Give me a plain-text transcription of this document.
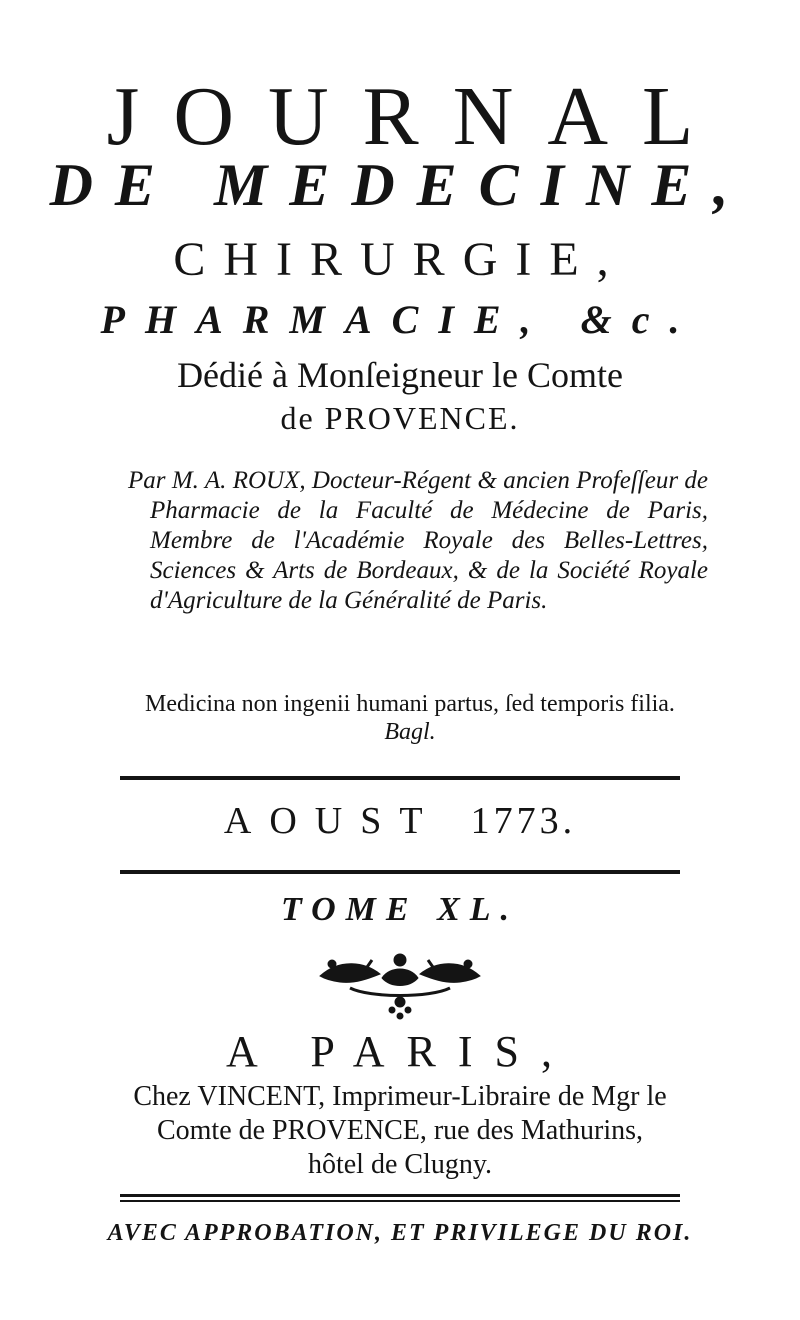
JOURNAL
DE MEDECINE,
CHIRURGIE,
PHARMACIE, &c.
Dédié à Monſeigneur le Comte
de PROVENCE.

Par M. A. ROUX, Docteur-Régent & ancien Profeſſeur de Pharmacie de la Faculté de Médecine de Paris, Membre de l'Académie Royale des Belles-Lettres, Sciences & Arts de Bordeaux, & de la Société Royale d'Agriculture de la Généralité de Paris.

Medicina non ingenii humani partus, ſed temporis filia. Bagl.
AOUST 1773.
TOME XL.
A PARIS,

Chez VINCENT, Imprimeur-Libraire de Mgr le

Comte de PROVENCE, rue des Mathurins,

hôtel de Clugny.

AVEC APPROBATION, ET PRIVILEGE DU ROI.
